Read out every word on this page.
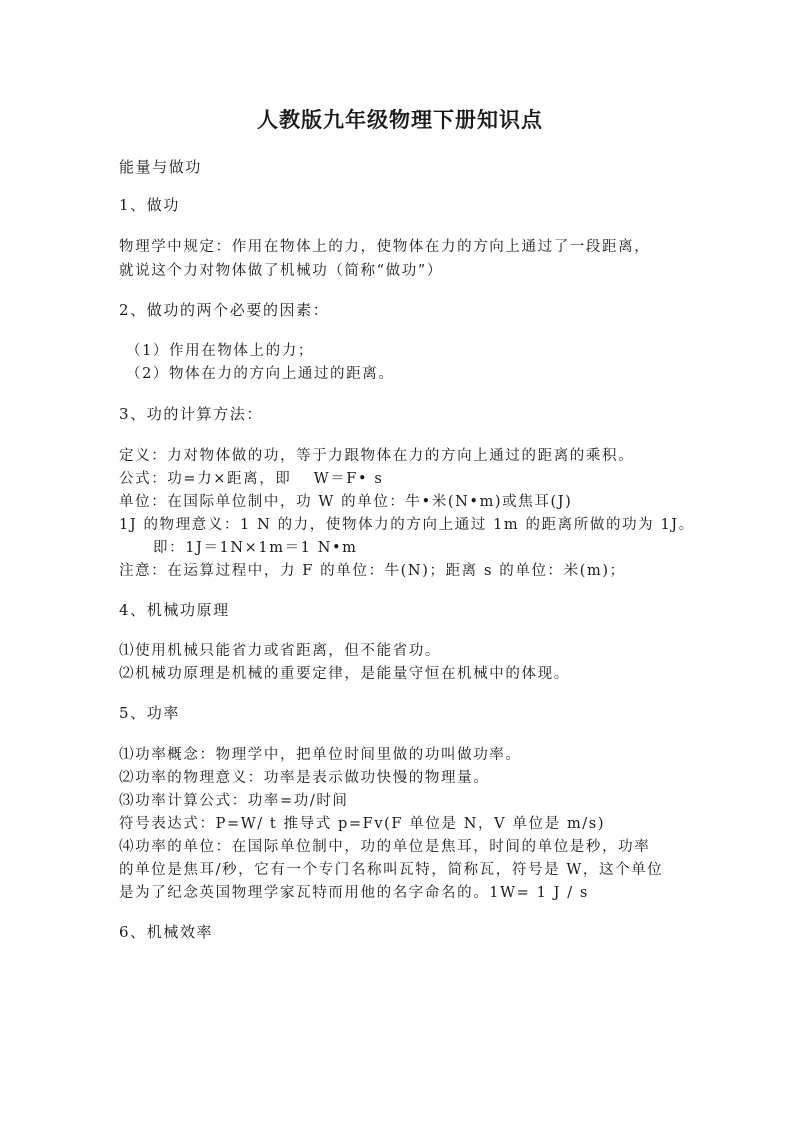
人教版九年级物理下册知识点
能量与做功
1、做功
物理学中规定：作用在物体上的力，使物体在力的方向上通过了一段距离，
就说这个力对物体做了机械功（简称“做功”）
2、做功的两个必要的因素：
（1）作用在物体上的力；
（2）物体在力的方向上通过的距离。
3、功的计算方法：
定义：力对物体做的功，等于力跟物体在力的方向上通过的距离的乘积。
公式：功=力×距离，即　 W＝F• s
单位：在国际单位制中，功 W 的单位：牛•米(N•m)或焦耳(J)
1J 的物理意义：1 N 的力，使物体力的方向上通过 1m 的距离所做的功为 1J。
即：1J＝1N×1m＝1 N•m
注意：在运算过程中，力 F 的单位：牛(N)；距离 s 的单位：米(m)；
4、机械功原理
⑴使用机械只能省力或省距离，但不能省功。
⑵机械功原理是机械的重要定律，是能量守恒在机械中的体现。
5、功率
⑴功率概念：物理学中，把单位时间里做的功叫做功率。
⑵功率的物理意义：功率是表示做功快慢的物理量。
⑶功率计算公式：功率=功/时间
符号表达式：P=W/ t 推导式 p=Fv(F 单位是 N，V 单位是 m/s)
⑷功率的单位：在国际单位制中，功的单位是焦耳，时间的单位是秒，功率
的单位是焦耳/秒，它有一个专门名称叫瓦特，简称瓦，符号是 W，这个单位
是为了纪念英国物理学家瓦特而用他的名字命名的。1W= 1 J / s
6、机械效率
